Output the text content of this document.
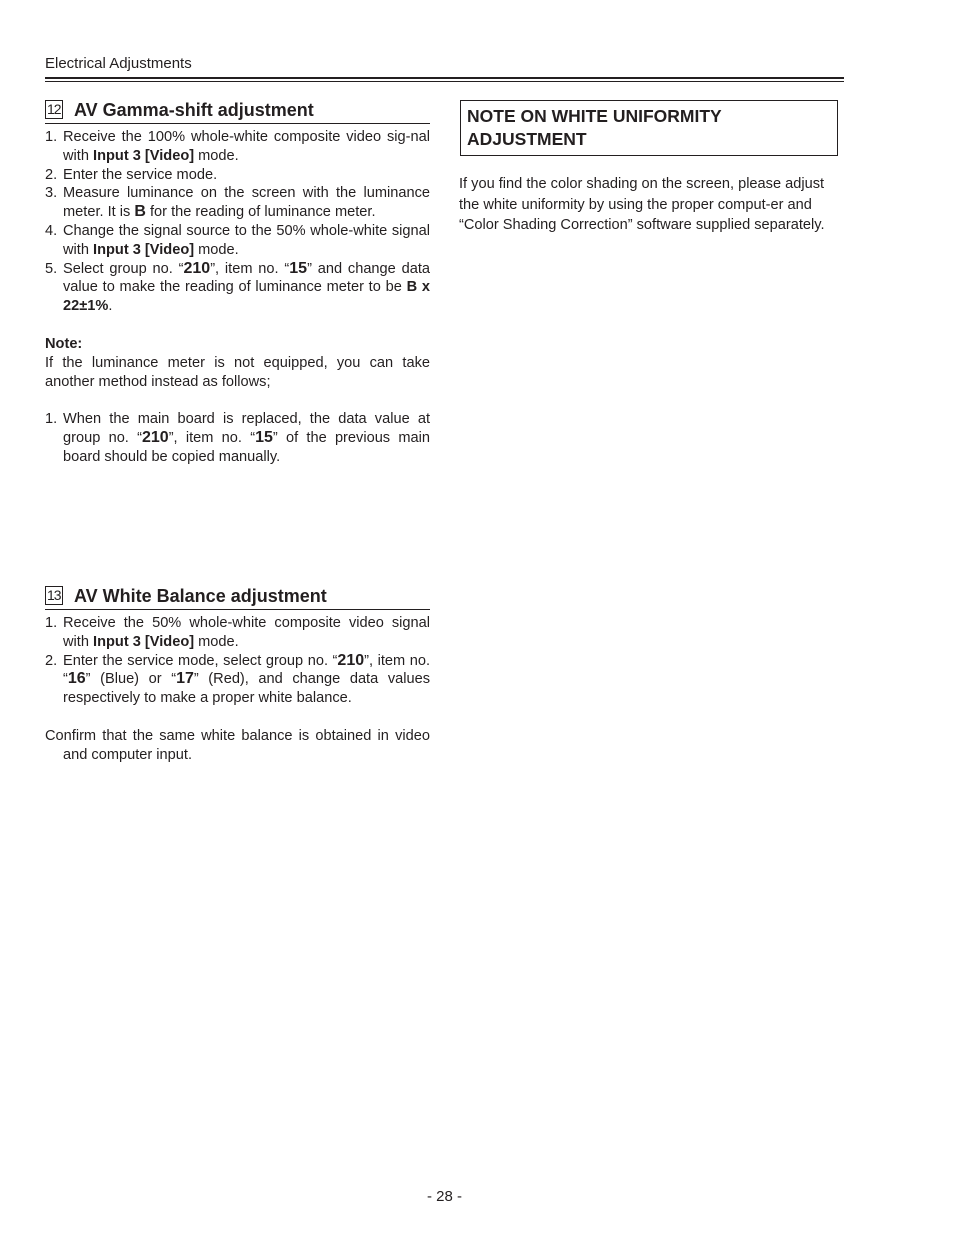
Electrical Adjustments
12 AV Gamma-shift adjustment
1. Receive the 100% whole-white composite video sig-nal with Input 3 [Video] mode.
2. Enter the service mode.
3. Measure luminance on the screen with the luminance meter. It is B for the reading of luminance meter.
4. Change the signal source to the 50% whole-white signal with Input 3 [Video] mode.
5. Select group no. “210”, item no. “15” and change data value to make the reading of luminance meter to be B x 22±1%.
Note:

If the luminance meter is not equipped, you can take another method instead as follows;

1. When the main board is replaced, the data value at group no. “210”, item no. “15” of the previous main board should be copied manually.
13 AV White Balance adjustment
1. Receive the 50% whole-white composite video signal with Input 3 [Video] mode.
2. Enter the service mode, select group no. “210”, item no. “16” (Blue) or “17” (Red), and change data values respectively to make a proper white balance.

Confirm that the same white balance is obtained in video and computer input.

NOTE ON WHITE UNIFORMITY ADJUSTMENT
If you find the color shading on the screen, please adjust the white uniformity by using the proper comput-er and “Color Shading Correction” software supplied separately.
- 28 -
